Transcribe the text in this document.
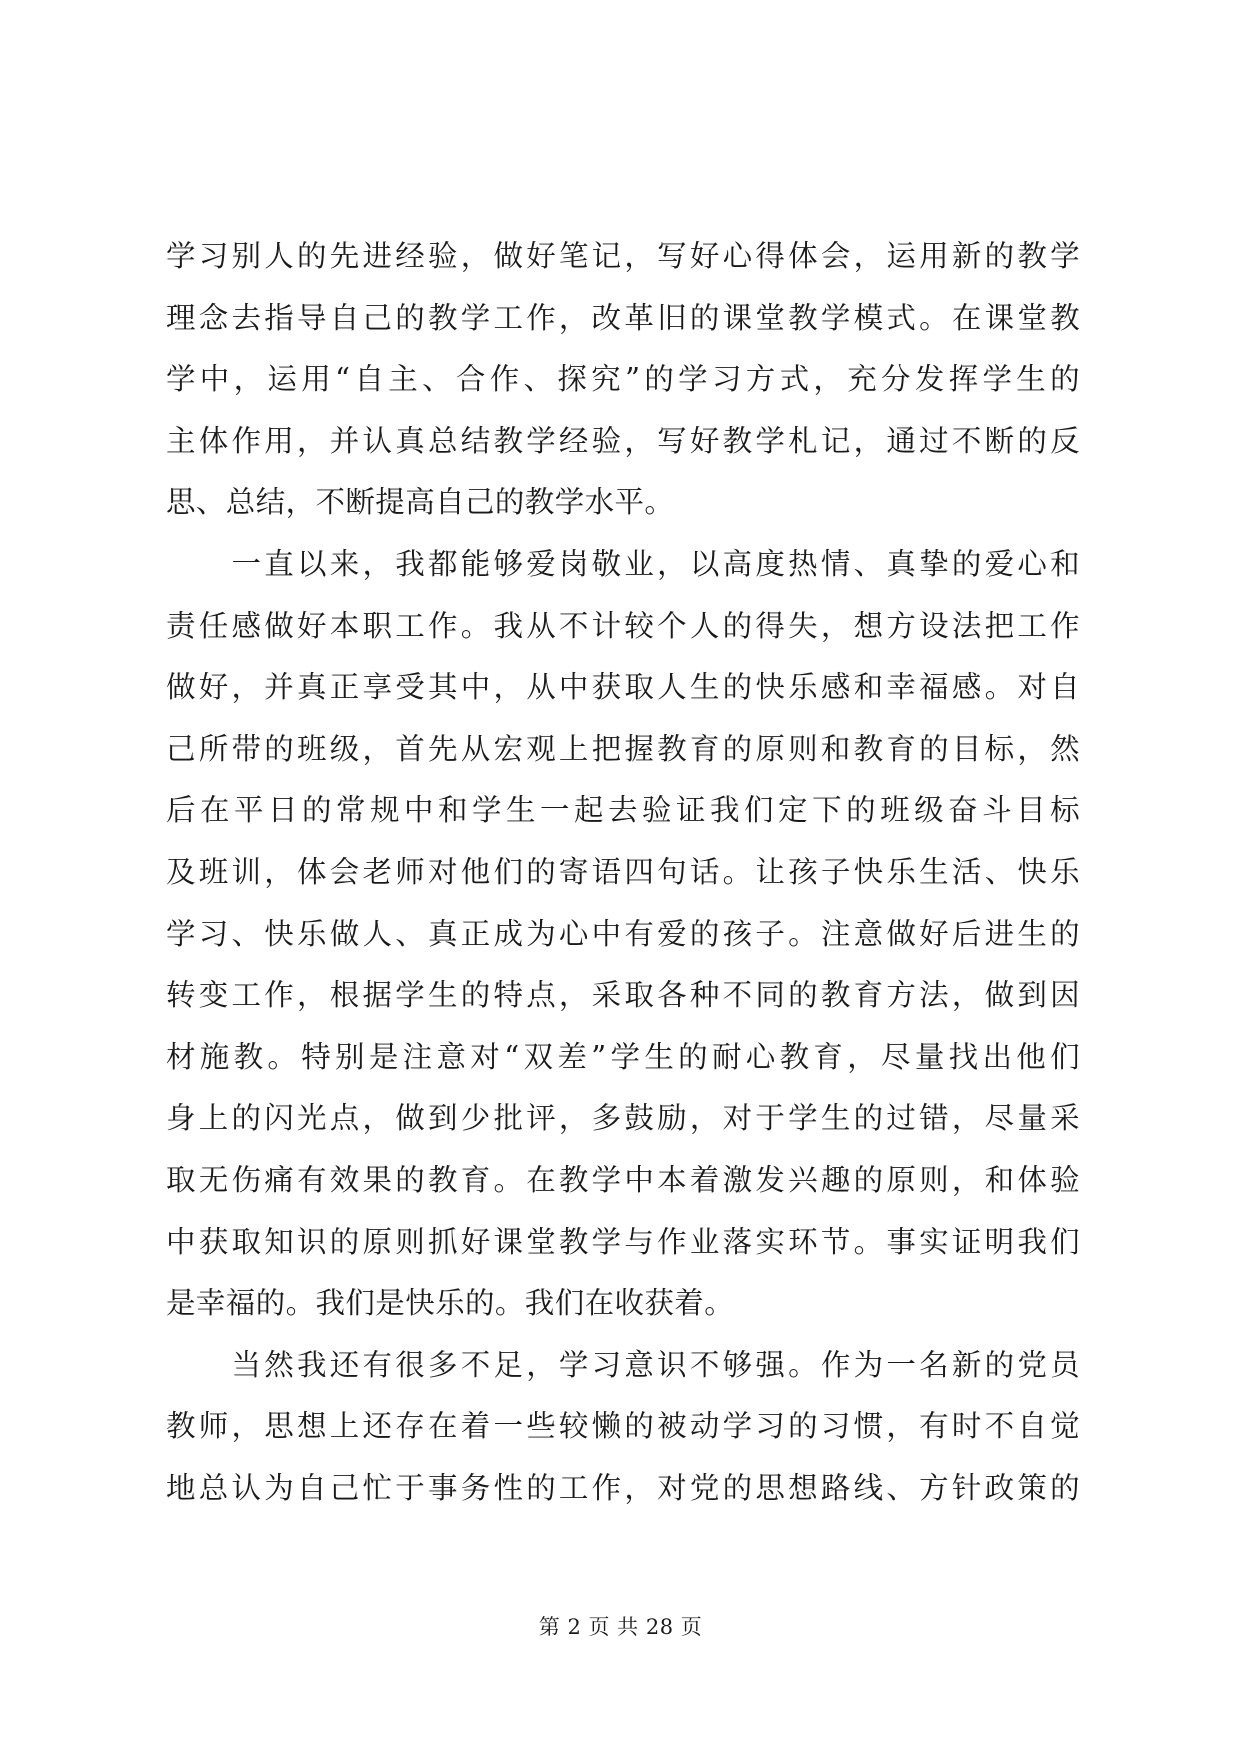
学习别人的先进经验，做好笔记，写好心得体会，运用新的教学
理念去指导自己的教学工作，改革旧的课堂教学模式。在课堂教
学中，运用“自主、合作、探究”的学习方式，充分发挥学生的
主体作用，并认真总结教学经验，写好教学札记，通过不断的反
思、总结，不断提高自己的教学水平。
　　一直以来，我都能够爱岗敬业，以高度热情、真挚的爱心和
责任感做好本职工作。我从不计较个人的得失，想方设法把工作
做好，并真正享受其中，从中获取人生的快乐感和幸福感。对自
己所带的班级，首先从宏观上把握教育的原则和教育的目标，然
后在平日的常规中和学生一起去验证我们定下的班级奋斗目标
及班训，体会老师对他们的寄语四句话。让孩子快乐生活、快乐
学习、快乐做人、真正成为心中有爱的孩子。注意做好后进生的
转变工作，根据学生的特点，采取各种不同的教育方法，做到因
材施教。特别是注意对“双差”学生的耐心教育，尽量找出他们
身上的闪光点，做到少批评，多鼓励，对于学生的过错，尽量采
取无伤痛有效果的教育。在教学中本着激发兴趣的原则，和体验
中获取知识的原则抓好课堂教学与作业落实环节。事实证明我们
是幸福的。我们是快乐的。我们在收获着。
　　当然我还有很多不足，学习意识不够强。作为一名新的党员
教师，思想上还存在着一些较懒的被动学习的习惯，有时不自觉
地总认为自己忙于事务性的工作，对党的思想路线、方针政策的
第 2 页 共 28 页
